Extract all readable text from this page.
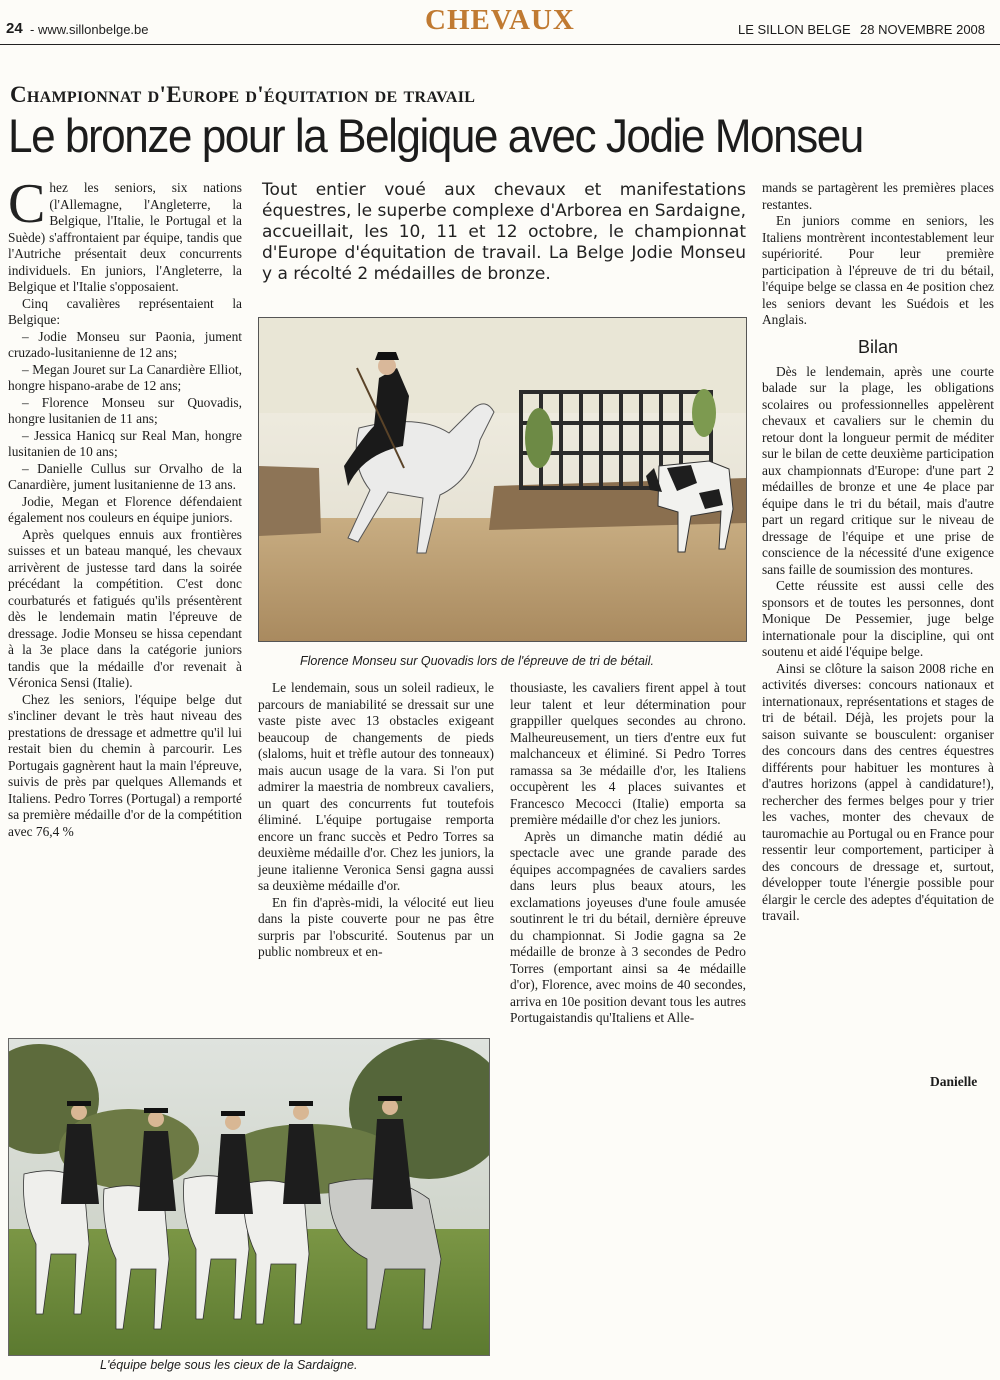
24 - www.sillonbelge.be	CHEVAUX	LE SILLON BELGE 28 NOVEMBRE 2008
Championnat d'Europe d'équitation de travail
Le bronze pour la Belgique avec Jodie Monseu

Chez les seniors, six nations (l'Allemagne, l'Angleterre, la Belgique, l'Italie, le Portugal et la Suède) s'affrontaient par équipe, tandis que l'Autriche présentait deux concurrents individuels. En juniors, l'Angleterre, la Belgique et l'Italie s'opposaient.

Cinq cavalières représentaient la Belgique:

– Jodie Monseu sur Paonia, jument cruzado-lusitanienne de 12 ans;

– Megan Jouret sur La Canardière Elliot, hongre hispano-arabe de 12 ans;

– Florence Monseu sur Quovadis, hongre lusitanien de 11 ans;

– Jessica Hanicq sur Real Man, hongre lusitanien de 10 ans;

– Danielle Cullus sur Orvalho de la Canardière, jument lusitanienne de 13 ans.

Jodie, Megan et Florence défendaient également nos couleurs en équipe juniors.

Après quelques ennuis aux frontières suisses et un bateau manqué, les chevaux arrivèrent de justesse tard dans la soirée précédant la compétition. C'est donc courbaturés et fatigués qu'ils présentèrent dès le lendemain matin l'épreuve de dressage. Jodie Monseu se hissa cependant à la 3e place dans la catégorie juniors tandis que la médaille d'or revenait à Véronica Sensi (Italie).

Chez les seniors, l'équipe belge dut s'incliner devant le très haut niveau des prestations de dressage et admettre qu'il lui restait bien du chemin à parcourir. Les Portugais gagnèrent haut la main l'épreuve, suivis de près par quelques Allemands et Italiens. Pedro Torres (Portugal) a remporté sa première médaille d'or de la compétition avec 76,4 %

Tout entier voué aux chevaux et manifestations équestres, le superbe complexe d'Arborea en Sardaigne, accueillait, les 10, 11 et 12 octobre, le championnat d'Europe d'équitation de travail. La Belge Jodie Monseu y a récolté 2 médailles de bronze.
Florence Monseu sur Quovadis lors de l'épreuve de tri de bétail.

Le lendemain, sous un soleil radieux, le parcours de maniabilité se dressait sur une vaste piste avec 13 obstacles exigeant beaucoup de changements de pieds (slaloms, huit et trèfle autour des tonneaux) mais aucun usage de la vara. Si l'on put admirer la maestria de nombreux cavaliers, un quart des concurrents fut toutefois éliminé. L'équipe portugaise remporta encore un franc succès et Pedro Torres sa deuxième médaille d'or. Chez les juniors, la jeune italienne Veronica Sensi gagna aussi sa deuxième médaille d'or.

En fin d'après-midi, la vélocité eut lieu dans la piste couverte pour ne pas être surpris par l'obscurité. Soutenus par un public nombreux et en-

thousiaste, les cavaliers firent appel à tout leur talent et leur détermination pour grappiller quelques secondes au chrono. Malheureusement, un tiers d'entre eux fut malchanceux et éliminé. Si Pedro Torres ramassa sa 3e médaille d'or, les Italiens occupèrent les 4 places suivantes et Francesco Mecocci (Italie) emporta sa première médaille d'or chez les juniors.

Après un dimanche matin dédié au spectacle avec une grande parade des équipes accompagnées de cavaliers sardes dans leurs plus beaux atours, les exclamations joyeuses d'une foule amusée soutinrent le tri du bétail, dernière épreuve du championnat. Si Jodie gagna sa 2e médaille de bronze à 3 secondes de Pedro Torres (emportant ainsi sa 4e médaille d'or), Florence, avec moins de 40 secondes, arriva en 10e position devant tous les autres Portugaistandis qu'Italiens et Alle-

mands se partagèrent les premières places restantes.

En juniors comme en seniors, les Italiens montrèrent incontestablement leur supériorité. Pour leur première participation à l'épreuve de tri du bétail, l'équipe belge se classa en 4e position chez les seniors devant les Suédois et les Anglais.

Bilan

Dès le lendemain, après une courte balade sur la plage, les obligations scolaires ou professionnelles appelèrent chevaux et cavaliers sur le chemin du retour dont la longueur permit de méditer sur le bilan de cette deuxième participation aux championnats d'Europe: d'une part 2 médailles de bronze et une 4e place par équipe dans le tri du bétail, mais d'autre part un regard critique sur le niveau de dressage de l'équipe et une prise de conscience de la nécessité d'une exigence sans faille de soumission des montures.

Cette réussite est aussi celle des sponsors et de toutes les personnes, dont Monique De Pessemier, juge belge internationale pour la discipline, qui ont soutenu et aidé l'équipe belge.

Ainsi se clôture la saison 2008 riche en activités diverses: concours nationaux et internationaux, représentations et stages de tri de bétail. Déjà, les projets pour la saison suivante se bousculent: organiser des concours dans des centres équestres différents pour habituer les montures à d'autres horizons (appel à candidature!), rechercher des fermes belges pour y trier les vaches, monter des chevaux de tauromachie au Portugal ou en France pour ressentir leur comportement, participer à des concours de dressage et, surtout, développer toute l'énergie possible pour élargir le cercle des adeptes d'équitation de travail.

Danielle
L'équipe belge sous les cieux de la Sardaigne.
